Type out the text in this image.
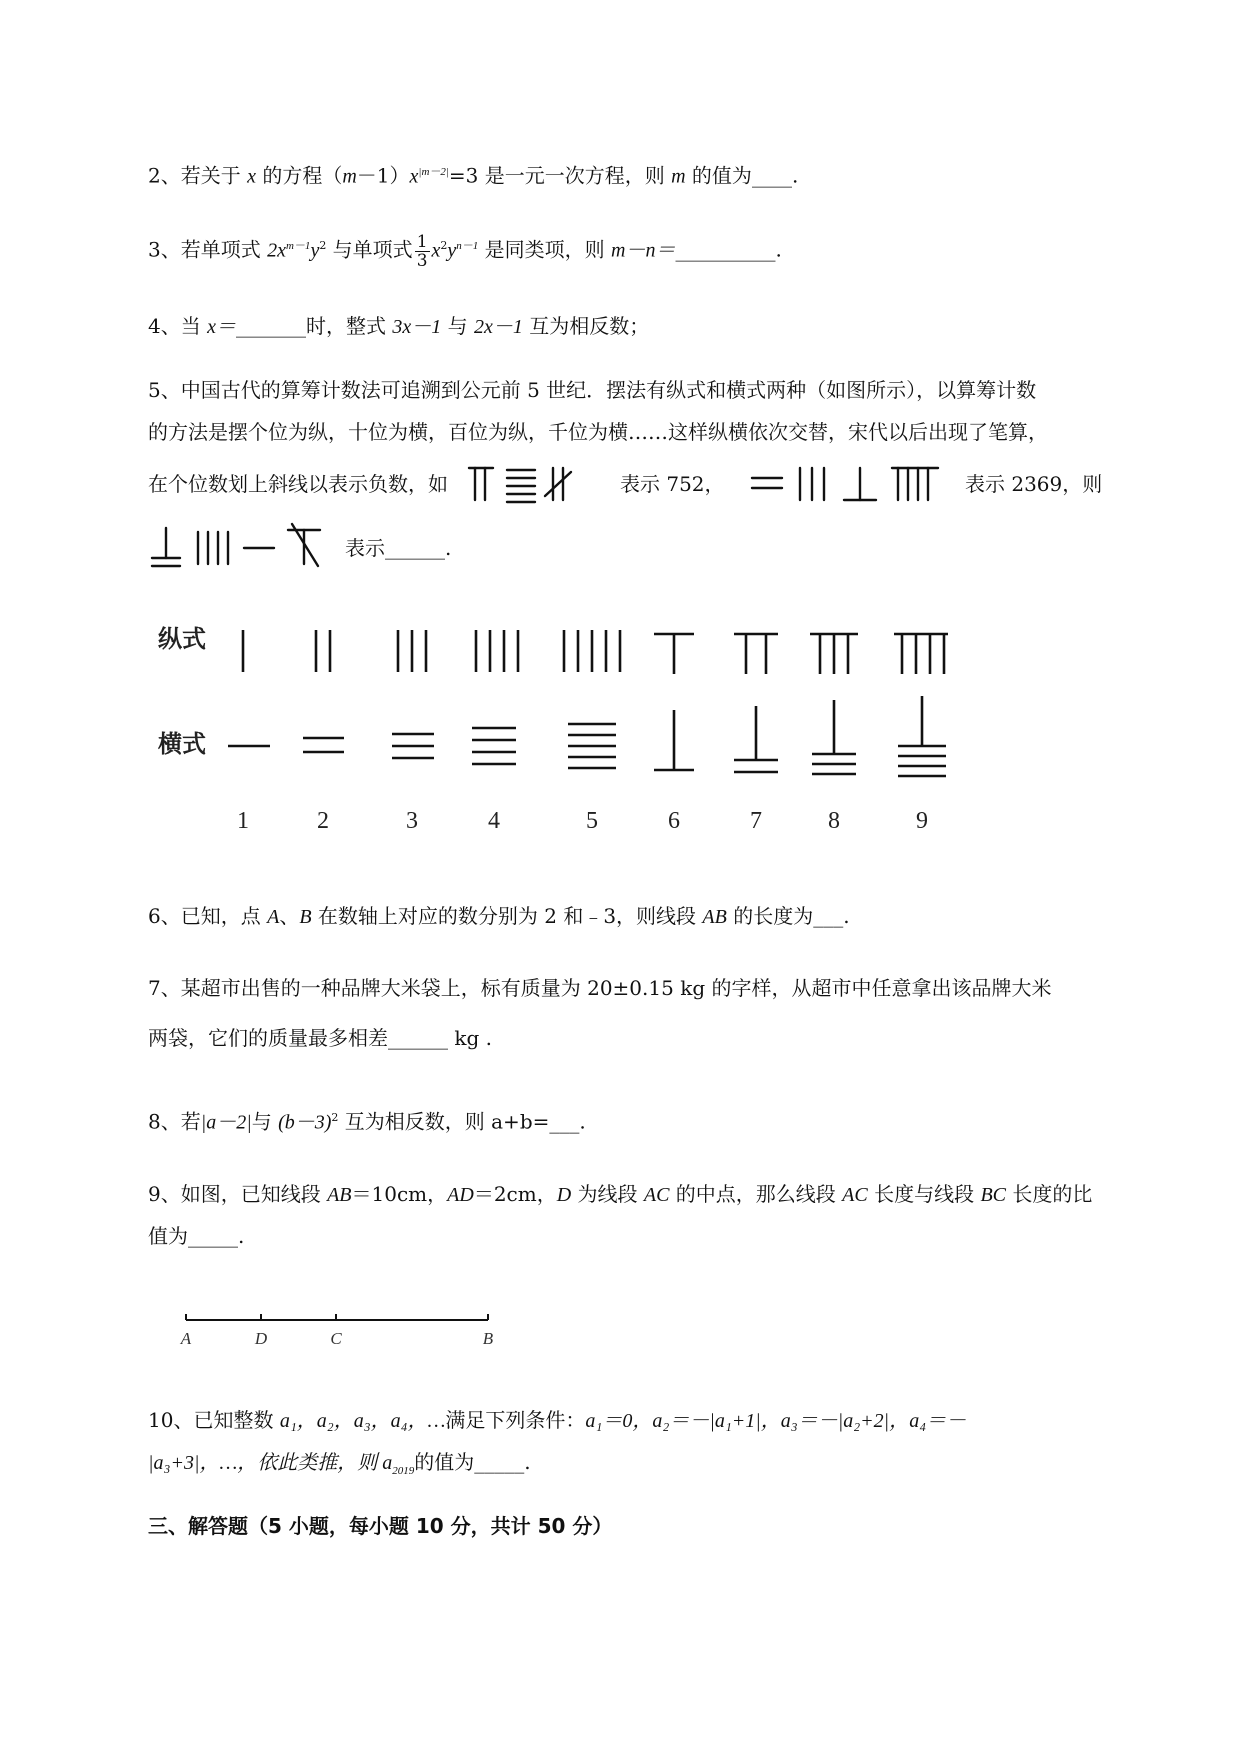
2、若关于 x 的方程$(m-1)x^{|m-2|}=3$ 是一元一次方程，则 m 的值为____.
3、若单项式 $2x^{m-1}y^2$ 与单项式 $\frac{1}{3} x^2y^{n-1}$ 是同类项，则 m－n＝__________.
4、当 x＝_______时，整式 3x－1 与 2x－1 互为相反数；
5、中国古代的算筹计数法可追溯到公元前 5 世纪．摆法有纵式和横式两种（如图所示），以算筹计数
的方法是摆个位为纵，十位为横，百位为纵，千位为横……这样纵横依次交替，宋代以后出现了笔算，
在个位数划上斜线以表示负数，如	表示 752，	表示 2369，则
表示______.
纵式
横式
1	2	3	4	5	6	7	8	9
6、已知，点 A、B 在数轴上对应的数分别为 2 和﹣3，则线段 AB 的长度为___.
7、某超市出售的一种品牌大米袋上，标有质量为 20±0.15 kg 的字样，从超市中任意拿出该品牌大米
两袋，它们的质量最多相差______ kg .
8、若|a－2|与 $(b-3)^2$ 互为相反数，则 a+b=___.
9、如图，已知线段 AB＝10cm，AD＝2cm，D 为线段 AC 的中点，那么线段 AC 长度与线段 BC 长度的比
值为_____.
A	D	C	B
10、已知整数 a₁，a₂，a₃，a₄，…满足下列条件：a₁＝0，a₂＝－|a₁+1|，a₃＝－|a₂+2|，a₄＝－
|a₃+3|，…，依此类推，则 $a_{2019}$的值为_____.
三、解答题（5 小题，每小题 10 分，共计 50 分）
